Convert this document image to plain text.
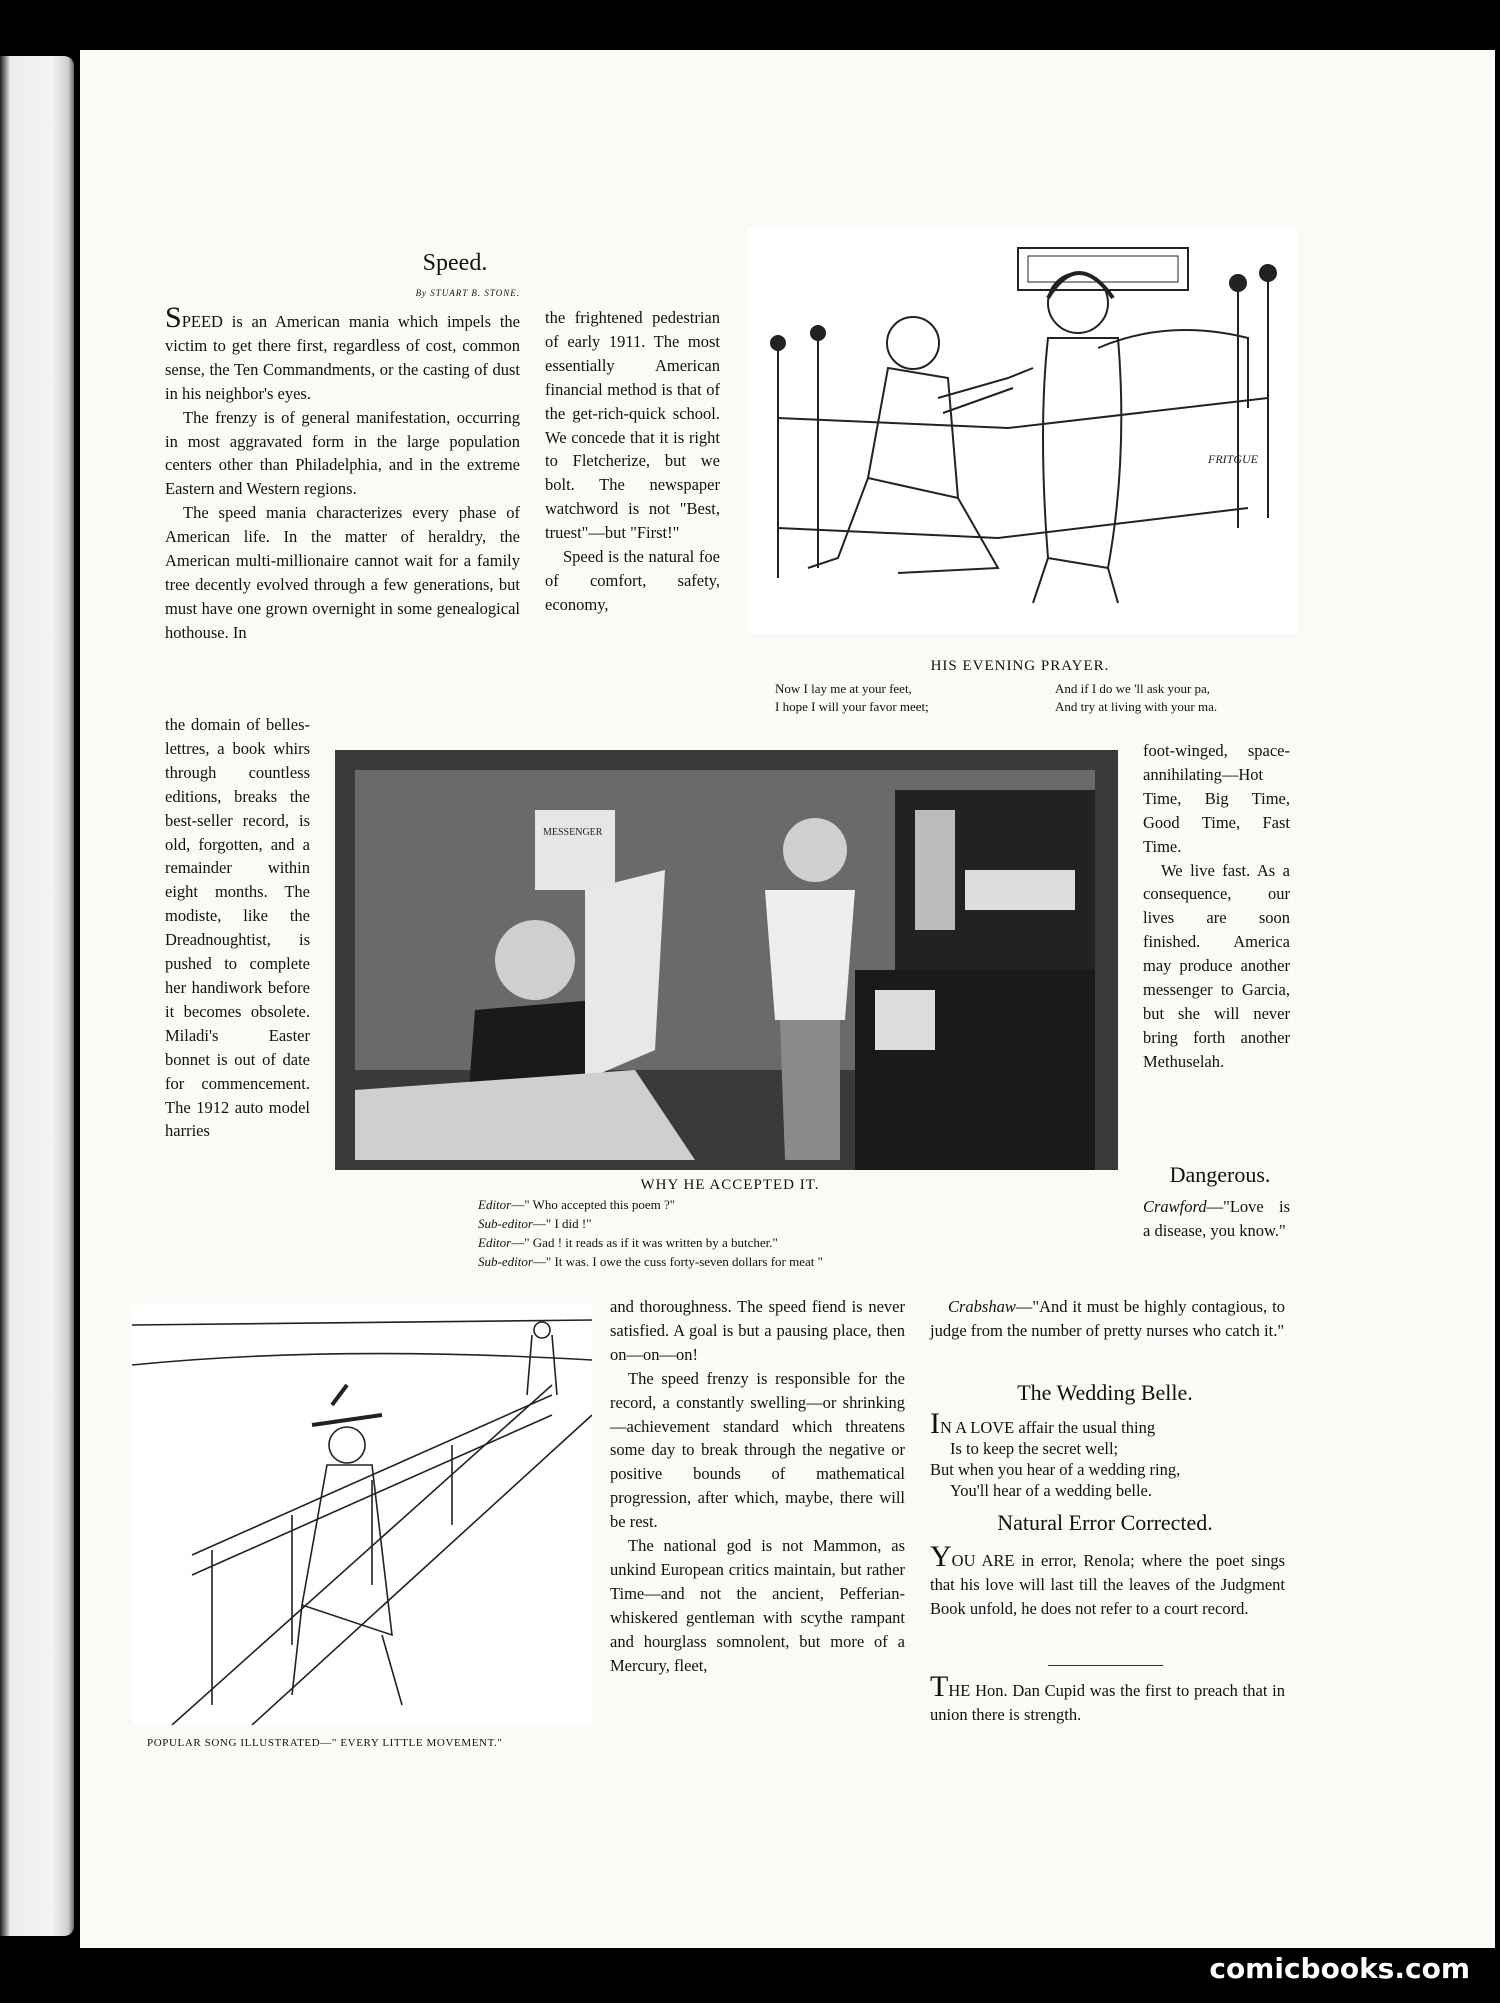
Speed.
By STUART B. STONE.

SPEED is an American mania which impels the victim to get there first, regardless of cost, common sense, the Ten Commandments, or the casting of dust in his neighbor's eyes.

The frenzy is of general manifestation, occurring in most aggravated form in the large population centers other than Philadelphia, and in the extreme Eastern and Western regions.

The speed mania characterizes every phase of American life. In the matter of heraldry, the American multi-millionaire cannot wait for a family tree decently evolved through a few generations, but must have one grown overnight in some genealogical hothouse. In

the frightened pedestrian of early 1911. The most essentially American financial method is that of the get-rich-quick school. We concede that it is right to Fletcherize, but we bolt. The newspaper watchword is not "Best, truest"—but "First!"

Speed is the natural foe of comfort, safety, economy,

FRITGUE
HIS EVENING PRAYER.
Now I lay me at your feet,
I hope I will your favor meet;
And if I do we 'll ask your pa,
And try at living with your ma.

the domain of belles-lettres, a book whirs through countless editions, breaks the best-seller record, is old, forgotten, and a remainder within eight months. The modiste, like the Dreadnoughtist, is pushed to complete her handiwork before it becomes obsolete. Miladi's Easter bonnet is out of date for commencement. The 1912 auto model harries

MESSENGER

foot-winged, space-annihilating—Hot Time, Big Time, Good Time, Fast Time.

We live fast. As a consequence, our lives are soon finished. America may produce another messenger to Garcia, but she will never bring forth another Methuselah.

WHY HE ACCEPTED IT.
Editor—" Who accepted this poem ?"
Sub-editor—" I did !"
Editor—" Gad ! it reads as if it was written by a butcher."
Sub-editor—" It was. I owe the cuss forty-seven dollars for meat "
Dangerous.

Crawford—"Love is a disease, you know."

Crabshaw—"And it must be highly contagious, to judge from the number of pretty nurses who catch it."

POPULAR SONG ILLUSTRATED—" EVERY LITTLE MOVEMENT."

and thoroughness. The speed fiend is never satisfied. A goal is but a pausing place, then on—on—on!

The speed frenzy is responsible for the record, a constantly swelling—or shrinking—achievement standard which threatens some day to break through the negative or positive bounds of mathematical progression, after which, maybe, there will be rest.

The national god is not Mammon, as unkind European critics maintain, but rather Time—and not the ancient, Pefferian-whiskered gentleman with scythe rampant and hourglass somnolent, but more of a Mercury, fleet,

The Wedding Belle.
IN A LOVE affair the usual thing
Is to keep the secret well;
But when you hear of a wedding ring,
You'll hear of a wedding belle.
Natural Error Corrected.

YOU ARE in error, Renola; where the poet sings that his love will last till the leaves of the Judgment Book unfold, he does not refer to a court record.

THE Hon. Dan Cupid was the first to preach that in union there is strength.

comicbooks.com
